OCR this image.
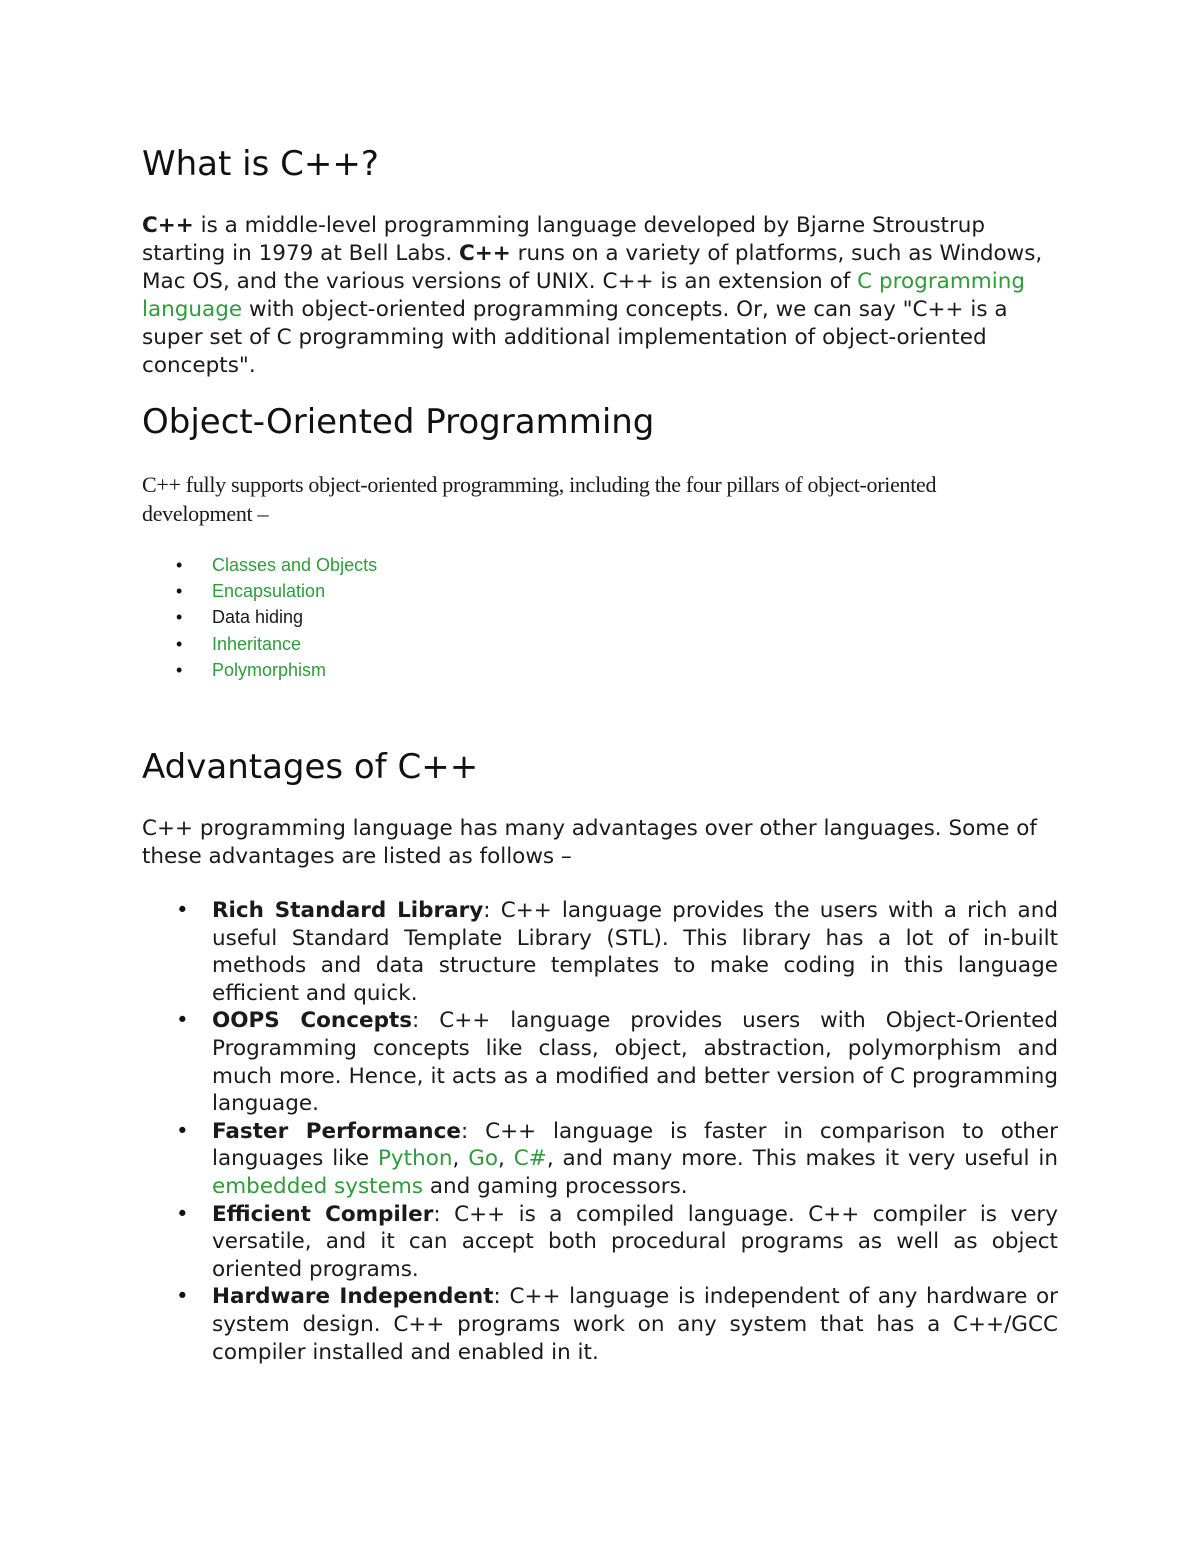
What is C++?

C++ is a middle-level programming language developed by Bjarne Stroustrup starting in 1979 at Bell Labs. C++ runs on a variety of platforms, such as Windows, Mac OS, and the various versions of UNIX. C++ is an extension of C programming language with object-oriented programming concepts. Or, we can say "C++ is a super set of C programming with additional implementation of object-oriented concepts".

Object-Oriented Programming

C++ fully supports object-oriented programming, including the four pillars of object-oriented development –

• Classes and Objects
• Encapsulation
• Data hiding
• Inheritance
• Polymorphism
Advantages of C++

C++ programming language has many advantages over other languages. Some of these advantages are listed as follows –

• Rich Standard Library: C++ language provides the users with a rich and useful Standard Template Library (STL). This library has a lot of in-built methods and data structure templates to make coding in this language efficient and quick.
• OOPS Concepts: C++ language provides users with Object-Oriented Programming concepts like class, object, abstraction, polymorphism and much more. Hence, it acts as a modified and better version of C programming language.
• Faster Performance: C++ language is faster in comparison to other languages like Python, Go, C#, and many more. This makes it very useful in embedded systems and gaming processors.
• Efficient Compiler: C++ is a compiled language. C++ compiler is very versatile, and it can accept both procedural programs as well as object oriented programs.
• Hardware Independent: C++ language is independent of any hardware or system design. C++ programs work on any system that has a C++/GCC compiler installed and enabled in it.
